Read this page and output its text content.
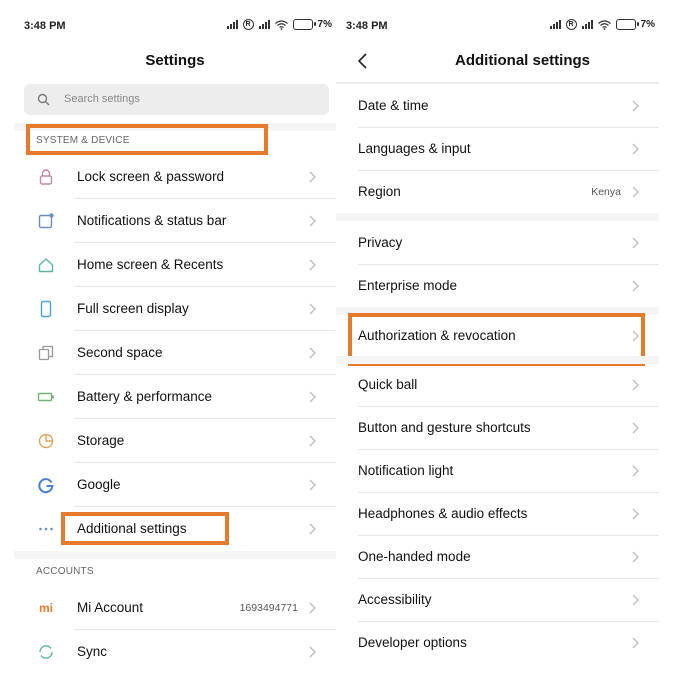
3:48 PM	R	7%
Settings
Search settings
SYSTEM & DEVICE
Lock screen & password
Notifications & status bar
Home screen & Recents
Full screen display
Second space
Battery & performance
Storage
Google
Additional settings
ACCOUNTS
mi Mi Account	1693494771
Sync
3:48 PM	R	7%
Additional settings
Date & time
Languages & input
Region	Kenya
Privacy
Enterprise mode
Authorization & revocation
Quick ball
Button and gesture shortcuts
Notification light
Headphones & audio effects
One-handed mode
Accessibility
Developer options
